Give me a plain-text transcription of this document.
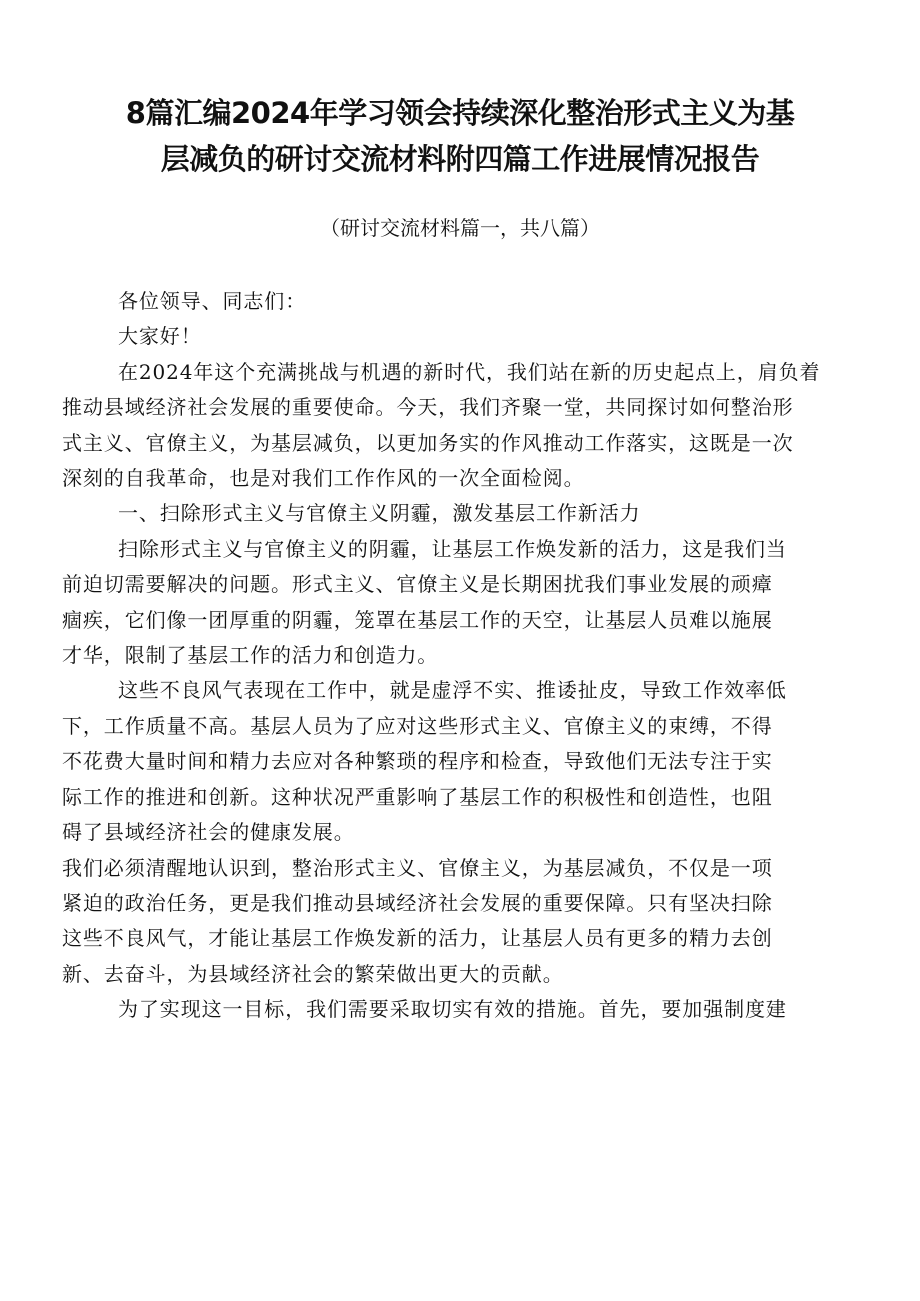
8篇汇编2024年学习领会持续深化整治形式主义为基
层减负的研讨交流材料附四篇工作进展情况报告
（研讨交流材料篇一，共八篇）

各位领导、同志们：

大家好！

在2024年这个充满挑战与机遇的新时代，我们站在新的历史起点上，肩负着
推动县域经济社会发展的重要使命。今天，我们齐聚一堂，共同探讨如何整治形
式主义、官僚主义，为基层减负，以更加务实的作风推动工作落实，这既是一次
深刻的自我革命，也是对我们工作作风的一次全面检阅。

一、扫除形式主义与官僚主义阴霾，激发基层工作新活力

扫除形式主义与官僚主义的阴霾，让基层工作焕发新的活力，这是我们当
前迫切需要解决的问题。形式主义、官僚主义是长期困扰我们事业发展的顽瘴
痼疾，它们像一团厚重的阴霾，笼罩在基层工作的天空，让基层人员难以施展
才华，限制了基层工作的活力和创造力。

这些不良风气表现在工作中，就是虚浮不实、推诿扯皮，导致工作效率低
下，工作质量不高。基层人员为了应对这些形式主义、官僚主义的束缚，不得
不花费大量时间和精力去应对各种繁琐的程序和检查，导致他们无法专注于实
际工作的推进和创新。这种状况严重影响了基层工作的积极性和创造性，也阻
碍了县域经济社会的健康发展。

我们必须清醒地认识到，整治形式主义、官僚主义，为基层减负，不仅是一项
紧迫的政治任务，更是我们推动县域经济社会发展的重要保障。只有坚决扫除
这些不良风气，才能让基层工作焕发新的活力，让基层人员有更多的精力去创
新、去奋斗，为县域经济社会的繁荣做出更大的贡献。

为了实现这一目标，我们需要采取切实有效的措施。首先，要加强制度建
